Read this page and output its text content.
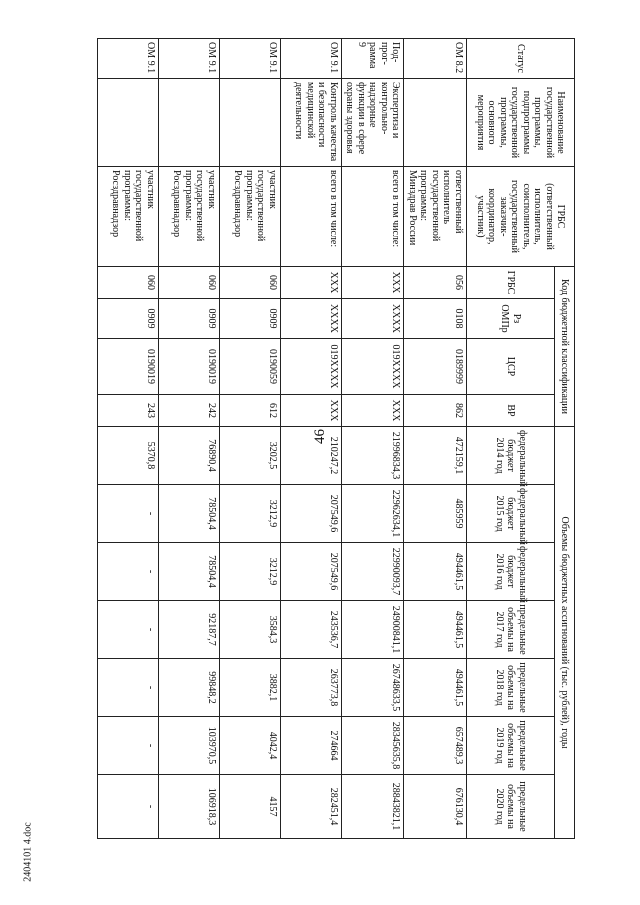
46
Статус	Наименование государственной программы, подпрограммы государственной программы, основного мероприятия	ГРБС (ответственный исполнитель, соисполнитель, государственный заказчик-координатор, участник)	Код бюджетной классификации				Объемы бюджетных ассигнований (тыс. рублей), годы						
			ГРБС	Рз ОМПр	ЦСР	ВР	федеральный бюджет 2014 год	федеральный бюджет 2015 год	федеральный бюджет 2016 год	предельные объемы на 2017 год	предельные объемы на 2018 год	предельные объемы на 2019 год	предельные объемы на 2020 год
ОМ 8.2		ответственный исполнитель государственной программы: Минздрав России	056	0108	0189999	862	472159,1	485959	494461,5	494461,5	494461,5	657489,3	676130,4
Под-прог-рамма 9	Экспертиза и контрольно-надзорные функции в сфере охраны здоровья	всего в том числе:	XXX	XXXX	019XXXX	XXX	21996834,3	22962634,1	22990093,7	24900841,1	26748633,5	28345635,8	28843821,1
ОМ 9.1	Контроль качества и безопасности медицинской деятельности	всего в том числе:	XXX	XXXX	019XXXX	XXX	210247,2	207549,6	207549,6	243536,7	263773,8	274664	282451,4
ОМ 9.1		участник государственной программы: Росздравнадзор	060	0909	0190059	612	3202,5	3212,9	3212,9	3584,3	3882,1	4042,4	4157
ОМ 9.1		участник государственной программы: Росздравнадзор	060	0909	0190019	242	76890,4	78504,4	78504,4	92187,7	99848,2	103970,5	106918,3
ОМ 9.1		участник государственной программы: Росздравнадзор	060	0909	0190019	243	5370,8	-	-	-	-	-	-
2404101 4.doc
